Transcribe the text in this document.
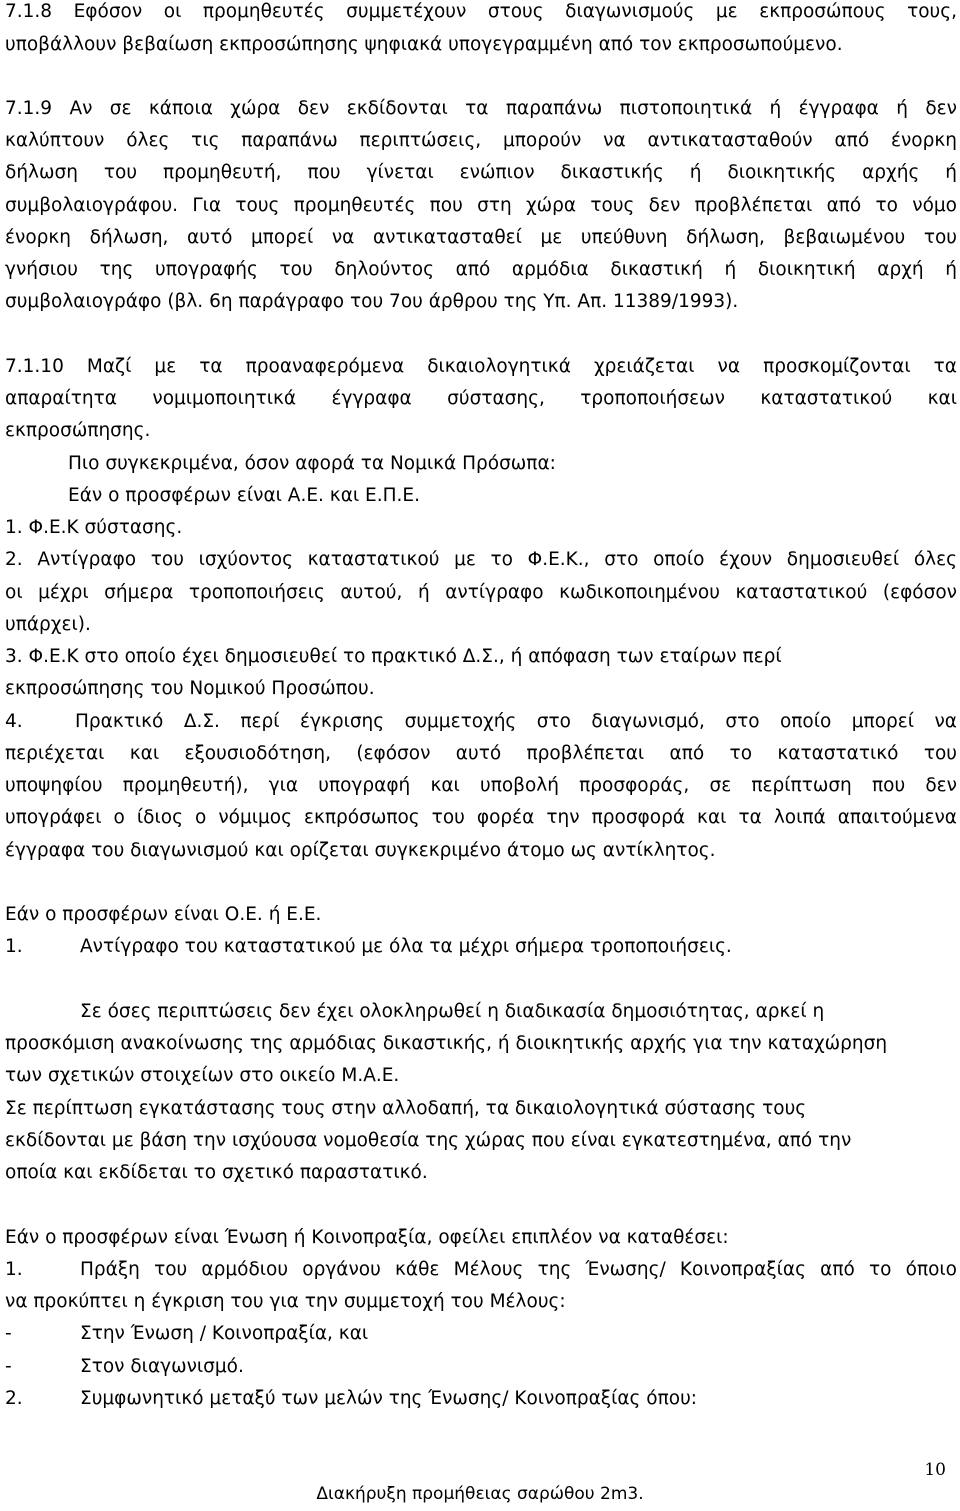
7.1.8 Εφόσον οι προμηθευτές συμμετέχουν στους διαγωνισμούς με εκπροσώπους τους,
υποβάλλουν βεβαίωση εκπροσώπησης ψηφιακά υπογεγραμμένη από τον εκπροσωπούμενο.
7.1.9 Αν σε κάποια χώρα δεν εκδίδονται τα παραπάνω πιστοποιητικά ή έγγραφα ή δεν
καλύπτουν όλες τις παραπάνω περιπτώσεις, μπορούν να αντικατασταθούν από ένορκη
δήλωση του προμηθευτή, που γίνεται ενώπιον δικαστικής ή διοικητικής αρχής ή
συμβολαιογράφου. Για τους προμηθευτές που στη χώρα τους δεν προβλέπεται από το νόμο
ένορκη δήλωση, αυτό μπορεί να αντικατασταθεί με υπεύθυνη δήλωση, βεβαιωμένου του
γνήσιου της υπογραφής του δηλούντος από αρμόδια δικαστική ή διοικητική αρχή ή
συμβολαιογράφο (βλ. 6η παράγραφο του 7ου άρθρου της Υπ. Απ. 11389/1993).
7.1.10 Μαζί με τα προαναφερόμενα δικαιολογητικά χρειάζεται να προσκομίζονται τα
απαραίτητα νομιμοποιητικά έγγραφα σύστασης, τροποποιήσεων καταστατικού και
εκπροσώπησης.
Πιο συγκεκριμένα, όσον αφορά τα Νομικά Πρόσωπα:
Εάν ο προσφέρων είναι Α.Ε. και Ε.Π.Ε.
1. Φ.Ε.Κ σύστασης.
2. Αντίγραφο του ισχύοντος καταστατικού με το Φ.Ε.Κ., στο οποίο έχουν δημοσιευθεί όλες
οι μέχρι σήμερα τροποποιήσεις αυτού, ή αντίγραφο κωδικοποιημένου καταστατικού (εφόσον
υπάρχει).
3. Φ.Ε.Κ στο οποίο έχει δημοσιευθεί το πρακτικό Δ.Σ., ή απόφαση των εταίρων περί
εκπροσώπησης του Νομικού Προσώπου.
4.	Πρακτικό Δ.Σ. περί έγκρισης συμμετοχής στο διαγωνισμό, στο οποίο μπορεί να
περιέχεται και εξουσιοδότηση, (εφόσον αυτό προβλέπεται από το καταστατικό του
υποψηφίου προμηθευτή), για υπογραφή και υποβολή προσφοράς, σε περίπτωση που δεν
υπογράφει ο ίδιος ο νόμιμος εκπρόσωπος του φορέα την προσφορά και τα λοιπά απαιτούμενα
έγγραφα του διαγωνισμού και ορίζεται συγκεκριμένο άτομο ως αντίκλητος.
Εάν ο προσφέρων είναι Ο.Ε. ή Ε.Ε.
1.	Αντίγραφο του καταστατικού με όλα τα μέχρι σήμερα τροποποιήσεις.
Σε όσες περιπτώσεις δεν έχει ολοκληρωθεί η διαδικασία δημοσιότητας, αρκεί η
προσκόμιση ανακοίνωσης της αρμόδιας δικαστικής, ή διοικητικής αρχής για την καταχώρηση
των σχετικών στοιχείων στο οικείο Μ.Α.Ε.
Σε περίπτωση εγκατάστασης τους στην αλλοδαπή, τα δικαιολογητικά σύστασης τους
εκδίδονται με βάση την ισχύουσα νομοθεσία της χώρας που είναι εγκατεστημένα, από την
οποία και εκδίδεται το σχετικό παραστατικό.
Εάν ο προσφέρων είναι Ένωση ή Κοινοπραξία, οφείλει επιπλέον να καταθέσει:
1.	Πράξη του αρμόδιου οργάνου κάθε Μέλους της Ένωσης/ Κοινοπραξίας από το όποιο
να προκύπτει η έγκριση του για την συμμετοχή του Μέλους:
-	Στην Ένωση / Κοινοπραξία, και
-	Στον διαγωνισμό.
2.	Συμφωνητικό μεταξύ των μελών της Ένωσης/ Κοινοπραξίας όπου:
10
Διακήρυξη προμήθειας σαρώθου 2m3.
